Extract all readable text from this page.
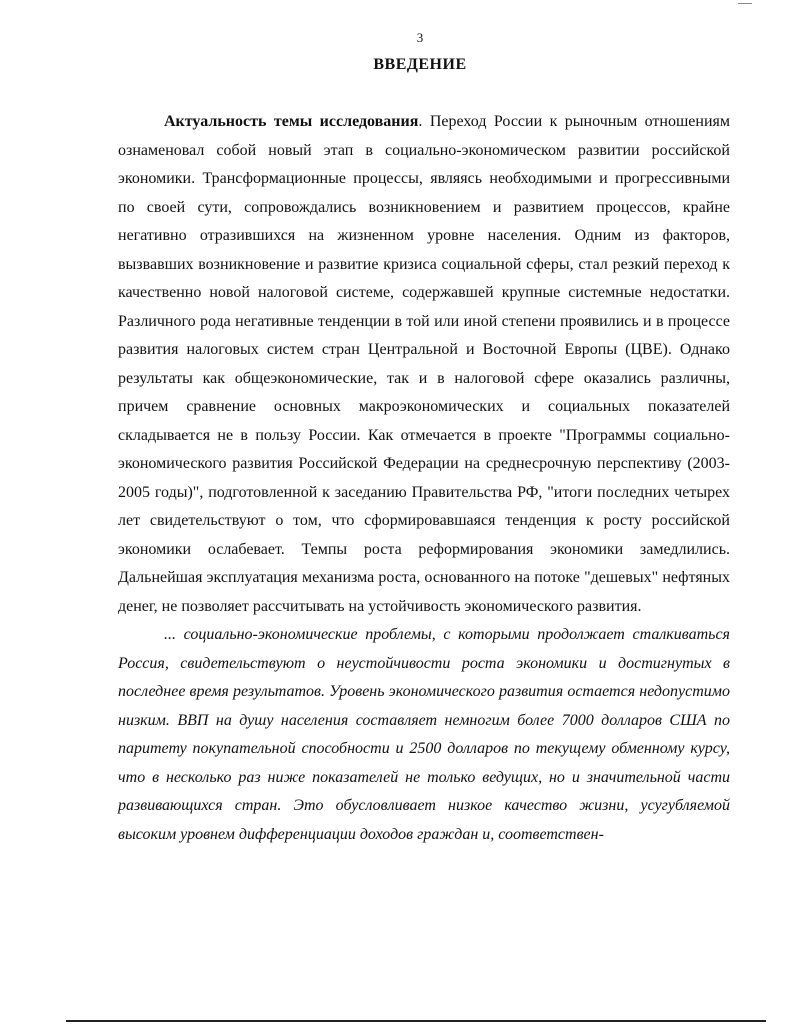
3
ВВЕДЕНИЕ

Актуальность темы исследования. Переход России к рыночным отношениям ознаменовал собой новый этап в социально-экономическом развитии российской экономики. Трансформационные процессы, являясь необходимыми и прогрессивными по своей сути, сопровождались возникновением и развитием процессов, крайне негативно отразившихся на жизненном уровне населения. Одним из факторов, вызвавших возникновение и развитие кризиса социальной сферы, стал резкий переход к качественно новой налоговой системе, содержавшей крупные системные недостатки. Различного рода негативные тенденции в той или иной степени проявились и в процессе развития налоговых систем стран Центральной и Восточной Европы (ЦВЕ). Однако результаты как общеэкономические, так и в налоговой сфере оказались различны, причем сравнение основных макроэкономических и социальных показателей складывается не в пользу России. Как отмечается в проекте "Программы социально-экономического развития Российской Федерации на среднесрочную перспективу (2003-2005 годы)", подготовленной к заседанию Правительства РФ, "итоги последних четырех лет свидетельствуют о том, что сформировавшаяся тенденция к росту российской экономики ослабевает. Темпы роста реформирования экономики замедлились. Дальнейшая эксплуатация механизма роста, основанного на потоке "дешевых" нефтяных денег, не позволяет рассчитывать на устойчивость экономического развития.

... социально-экономические проблемы, с которыми продолжает сталкиваться Россия, свидетельствуют о неустойчивости роста экономики и достигнутых в последнее время результатов. Уровень экономического развития остается недопустимо низким. ВВП на душу населения составляет немногим более 7000 долларов США по паритету покупательной способности и 2500 долларов по текущему обменному курсу, что в несколько раз ниже показателей не только ведущих, но и значительной части развивающихся стран. Это обусловливает низкое качество жизни, усугубляемой высоким уровнем дифференциации доходов граждан и, соответствен-
